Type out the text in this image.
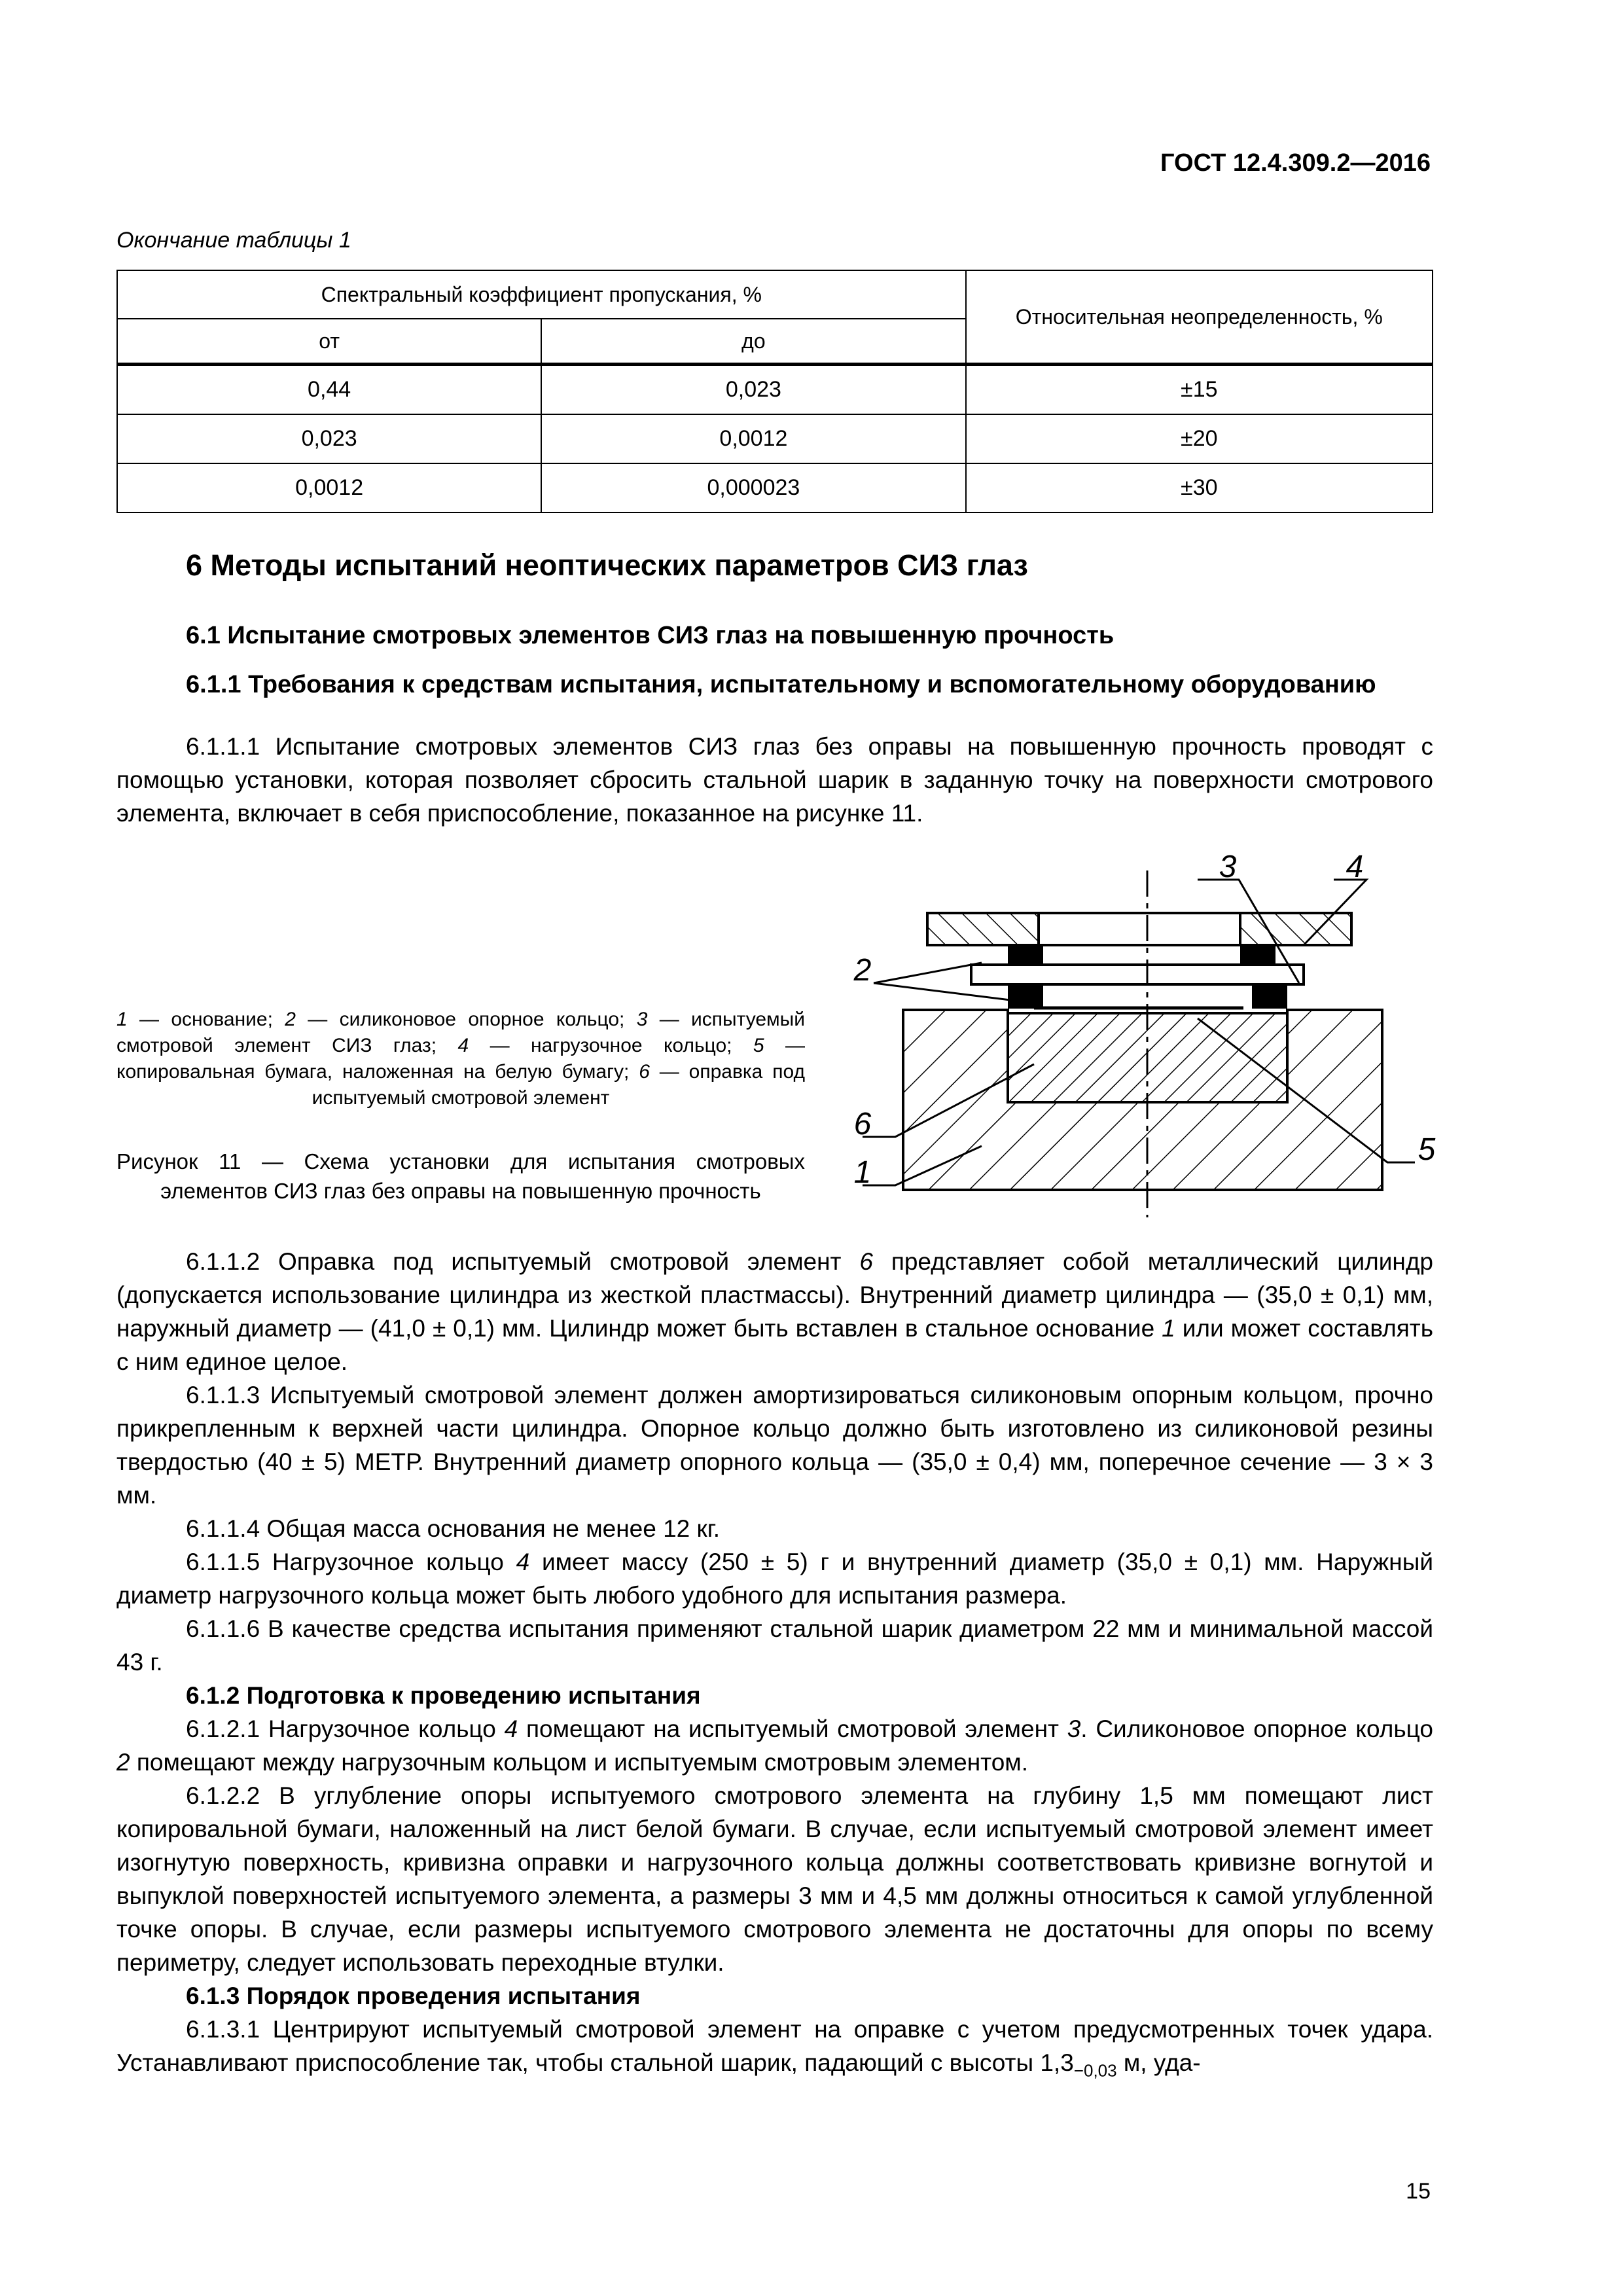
ГОСТ 12.4.309.2—2016
Окончание таблицы 1
Спектральный коэффициент пропускания, %		Относительная неопределенность, %
от	до	
0,44	0,023	±15
0,023	0,0012	±20
0,0012	0,000023	±30
6 Методы испытаний неоптических параметров СИЗ глаз
6.1 Испытание смотровых элементов СИЗ глаз на повышенную прочность
6.1.1 Требования к средствам испытания, испытательному и вспомогательному оборудованию
6.1.1.1 Испытание смотровых элементов СИЗ глаз без оправы на повышенную прочность проводят с помощью установки, которая позволяет сбросить стальной шарик в заданную точку на поверхности смотрового элемента, включает в себя приспособление, показанное на рисунке 11.
1 — основание; 2 — силиконовое опорное кольцо; 3 — испытуемый смотровой элемент СИЗ глаз; 4 — нагрузочное кольцо; 5 — копировальная бумага, наложенная на белую бумагу; 6 — оправка под испытуемый смотровой элемент
Рисунок 11 — Схема установки для испытания смотровых элементов СИЗ глаз без оправы на повышенную прочность
3	4
2
5
6
1
6.1.1.2 Оправка под испытуемый смотровой элемент 6 представляет собой металлический цилиндр (допускается использование цилиндра из жесткой пластмассы). Внутренний диаметр цилиндра — (35,0 ± 0,1) мм, наружный диаметр — (41,0 ± 0,1) мм. Цилиндр может быть вставлен в стальное основание 1 или может составлять с ним единое целое.
6.1.1.3 Испытуемый смотровой элемент должен амортизироваться силиконовым опорным кольцом, прочно прикрепленным к верхней части цилиндра. Опорное кольцо должно быть изготовлено из силиконовой резины твердостью (40 ± 5) МЕТР. Внутренний диаметр опорного кольца — (35,0 ± 0,4) мм, поперечное сечение — 3 × 3 мм.
6.1.1.4 Общая масса основания не менее 12 кг.
6.1.1.5 Нагрузочное кольцо 4 имеет массу (250 ± 5) г и внутренний диаметр (35,0 ± 0,1) мм. Наружный диаметр нагрузочного кольца может быть любого удобного для испытания размера.
6.1.1.6 В качестве средства испытания применяют стальной шарик диаметром 22 мм и минимальной массой 43 г.
6.1.2 Подготовка к проведению испытания
6.1.2.1 Нагрузочное кольцо 4 помещают на испытуемый смотровой элемент 3. Силиконовое опорное кольцо 2 помещают между нагрузочным кольцом и испытуемым смотровым элементом.
6.1.2.2 В углубление опоры испытуемого смотрового элемента на глубину 1,5 мм помещают лист копировальной бумаги, наложенный на лист белой бумаги. В случае, если испытуемый смотровой элемент имеет изогнутую поверхность, кривизна оправки и нагрузочного кольца должны соответствовать кривизне вогнутой и выпуклой поверхностей испытуемого элемента, а размеры 3 мм и 4,5 мм должны относиться к самой углубленной точке опоры. В случае, если размеры испытуемого смотрового элемента не достаточны для опоры по всему периметру, следует использовать переходные втулки.
6.1.3 Порядок проведения испытания
6.1.3.1 Центрируют испытуемый смотровой элемент на оправке с учетом предусмотренных точек удара. Устанавливают приспособление так, чтобы стальной шарик, падающий с высоты $1,3_{-0,03}$ м, уда-
15
